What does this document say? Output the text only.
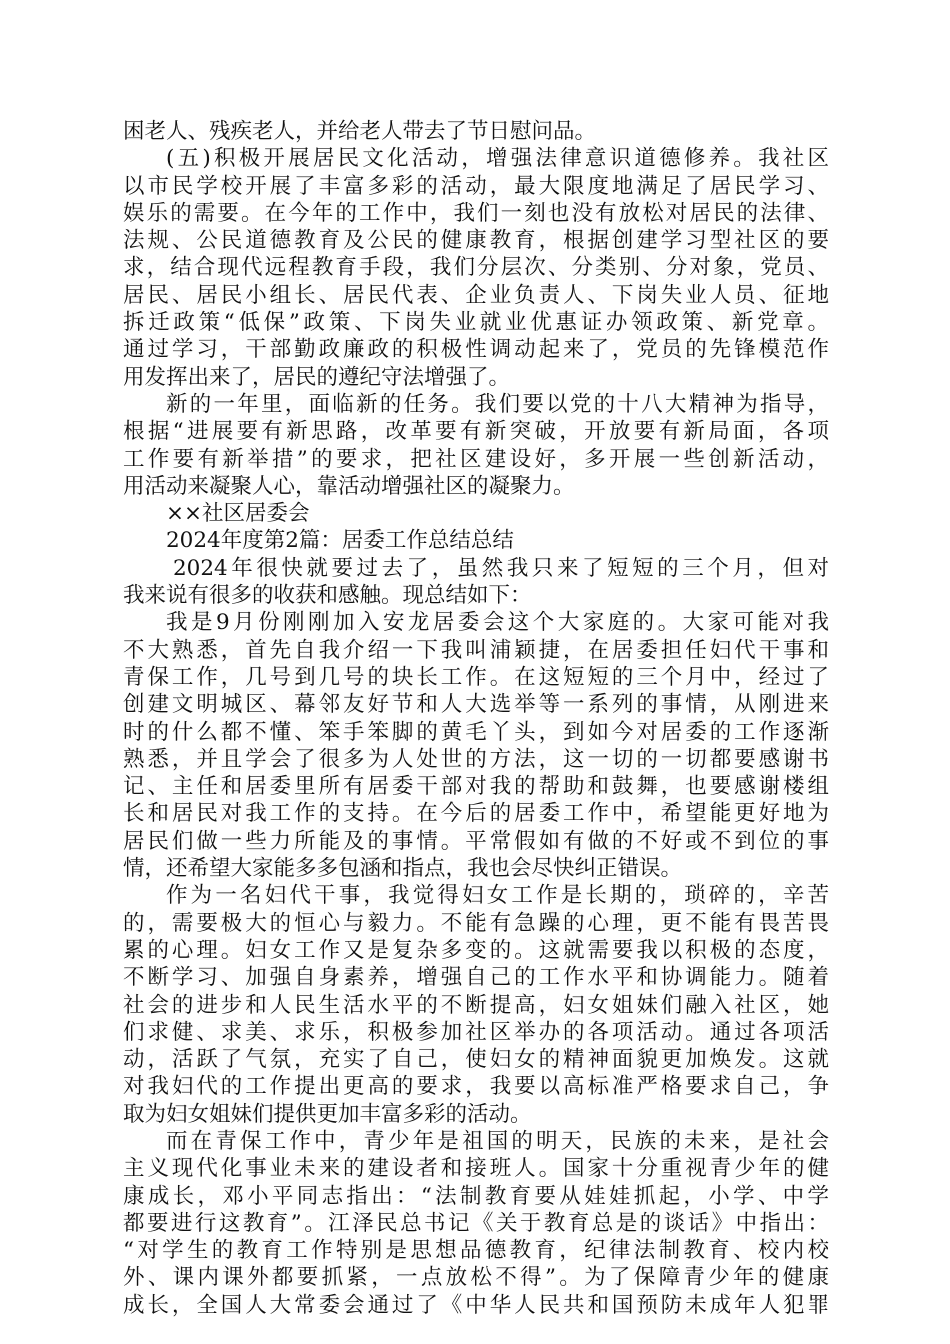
困老人、残疾老人，并给老人带去了节日慰问品。
(五)积极开展居民文化活动，增强法律意识道德修养。我社区
以市民学校开展了丰富多彩的活动，最大限度地满足了居民学习、
娱乐的需要。在今年的工作中，我们一刻也没有放松对居民的法律、
法规、公民道德教育及公民的健康教育，根据创建学习型社区的要
求，结合现代远程教育手段，我们分层次、分类别、分对象，党员、
居民、居民小组长、居民代表、企业负责人、下岗失业人员、征地
拆迁政策“低保”政策、下岗失业就业优惠证办领政策、新党章。
通过学习，干部勤政廉政的积极性调动起来了，党员的先锋模范作
用发挥出来了，居民的遵纪守法增强了。
新的一年里，面临新的任务。我们要以党的十八大精神为指导，
根据“进展要有新思路，改革要有新突破，开放要有新局面，各项
工作要有新举措”的要求，把社区建设好，多开展一些创新活动，
用活动来凝聚人心，靠活动增强社区的凝聚力。
××社区居委会
2024年度第2篇：居委工作总结总结
2024年很快就要过去了，虽然我只来了短短的三个月，但对
我来说有很多的收获和感触。现总结如下：
我是9月份刚刚加入安龙居委会这个大家庭的。大家可能对我
不大熟悉，首先自我介绍一下我叫浦颖捷，在居委担任妇代干事和
青保工作，几号到几号的块长工作。在这短短的三个月中，经过了
创建文明城区、幕邻友好节和人大选举等一系列的事情，从刚进来
时的什么都不懂、笨手笨脚的黄毛丫头，到如今对居委的工作逐渐
熟悉，并且学会了很多为人处世的方法，这一切的一切都要感谢书
记、主任和居委里所有居委干部对我的帮助和鼓舞，也要感谢楼组
长和居民对我工作的支持。在今后的居委工作中，希望能更好地为
居民们做一些力所能及的事情。平常假如有做的不好或不到位的事
情，还希望大家能多多包涵和指点，我也会尽快纠正错误。
作为一名妇代干事，我觉得妇女工作是长期的，琐碎的，辛苦
的，需要极大的恒心与毅力。不能有急躁的心理，更不能有畏苦畏
累的心理。妇女工作又是复杂多变的。这就需要我以积极的态度，
不断学习、加强自身素养，增强自己的工作水平和协调能力。随着
社会的进步和人民生活水平的不断提高，妇女姐妹们融入社区，她
们求健、求美、求乐，积极参加社区举办的各项活动。通过各项活
动，活跃了气氛，充实了自己，使妇女的精神面貌更加焕发。这就
对我妇代的工作提出更高的要求，我要以高标准严格要求自己，争
取为妇女姐妹们提供更加丰富多彩的活动。
而在青保工作中，青少年是祖国的明天，民族的未来，是社会
主义现代化事业未来的建设者和接班人。国家十分重视青少年的健
康成长，邓小平同志指出：“法制教育要从娃娃抓起，小学、中学
都要进行这教育”。江泽民总书记《关于教育总是的谈话》中指出：
“对学生的教育工作特别是思想品德教育，纪律法制教育、校内校
外、课内课外都要抓紧，一点放松不得”。为了保障青少年的健康
成长，全国人大常委会通过了《中华人民共和国预防未成年人犯罪
